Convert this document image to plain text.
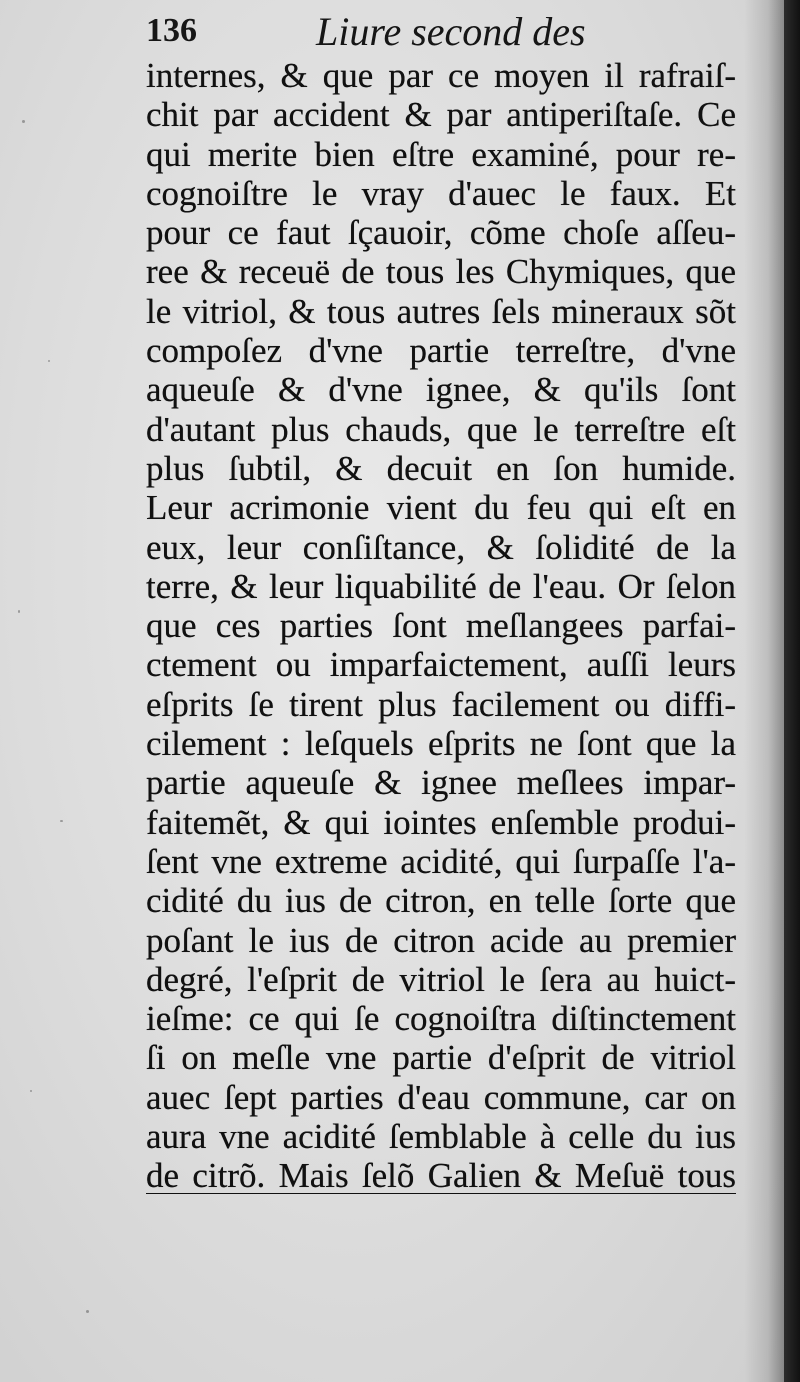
136	Liure second des
internes, & que par ce moyen il rafraiſ-
chit par accident & par antiperiſtaſe. Ce
qui merite bien eſtre examiné, pour re-
cognoiſtre le vray d'auec le faux. Et
pour ce faut ſçauoir, cõme choſe aſſeu-
ree & receuë de tous les Chymiques, que
le vitriol, & tous autres ſels mineraux sõt
compoſez d'vne partie terreſtre, d'vne
aqueuſe & d'vne ignee, & qu'ils ſont
d'autant plus chauds, que le terreſtre eſt
plus ſubtil, & decuit en ſon humide.
Leur acrimonie vient du feu qui eſt en
eux, leur conſiſtance, & ſolidité de la
terre, & leur liquabilité de l'eau. Or ſelon
que ces parties ſont meſlangees parfai-
ctement ou imparfaictement, auſſi leurs
eſprits ſe tirent plus facilement ou diffi-
cilement : leſquels eſprits ne ſont que la
partie aqueuſe & ignee meſlees impar-
faitemẽt, & qui iointes enſemble produi-
ſent vne extreme acidité, qui ſurpaſſe l'a-
cidité du ius de citron, en telle ſorte que
poſant le ius de citron acide au premier
degré, l'eſprit de vitriol le ſera au huict-
ieſme: ce qui ſe cognoiſtra diſtinctement
ſi on meſle vne partie d'eſprit de vitriol
auec ſept parties d'eau commune, car on
aura vne acidité ſemblable à celle du ius
de citrõ. Mais ſelõ Galien & Meſuë tous
